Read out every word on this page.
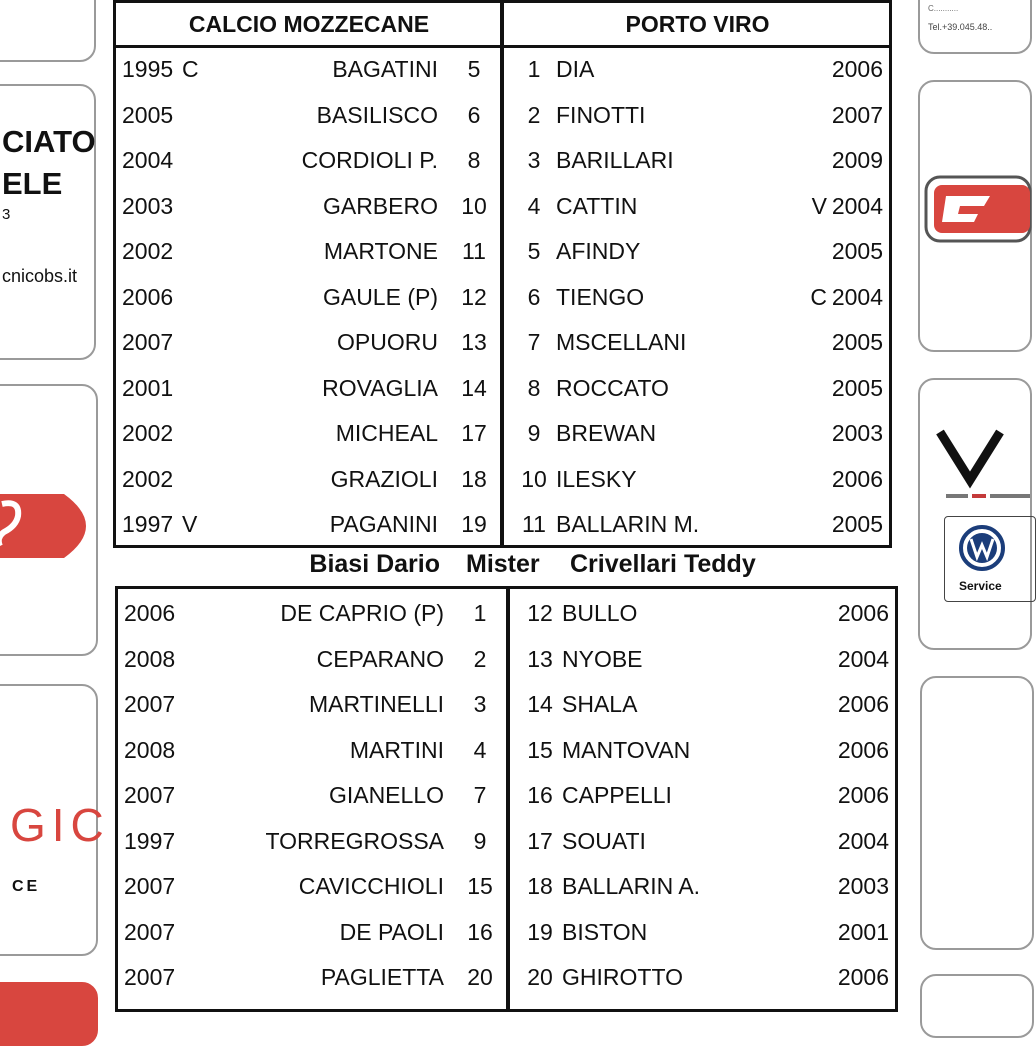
CIATO
ELE
3
cnicobs.it
GIC
CE
C...........
Tel.+39.045.48..
Service
CALCIO MOZZECANE	PORTO VIRO
1995 C	BAGATINI	5
2005	BASILISCO	6
2004	CORDIOLI P.	8
2003	GARBERO	10
2002	MARTONE	11
2006	GAULE (P)	12
2007	OPUORU	13
2001	ROVAGLIA	14
2002	MICHEAL	17
2002	GRAZIOLI	18
1997 V	PAGANINI	19
1 DIA	2006
2 FINOTTI	2007
3 BARILLARI	2009
4 CATTIN	V 2004
5 AFINDY	2005
6 TIENGO	C 2004
7 MSCELLANI	2005
8 ROCCATO	2005
9 BREWAN	2003
10 ILESKY	2006
11 BALLARIN M.	2005
Biasi Dario Mister Crivellari Teddy
2006	DE CAPRIO (P)	1
2008	CEPARANO	2
2007	MARTINELLI	3
2008	MARTINI	4
2007	GIANELLO	7
1997	TORREGROSSA	9
2007	CAVICCHIOLI	15
2007	DE PAOLI	16
2007	PAGLIETTA	20
12 BULLO	2006
13 NYOBE	2004
14 SHALA	2006
15 MANTOVAN	2006
16 CAPPELLI	2006
17 SOUATI	2004
18 BALLARIN A.	2003
19 BISTON	2001
20 GHIROTTO	2006
